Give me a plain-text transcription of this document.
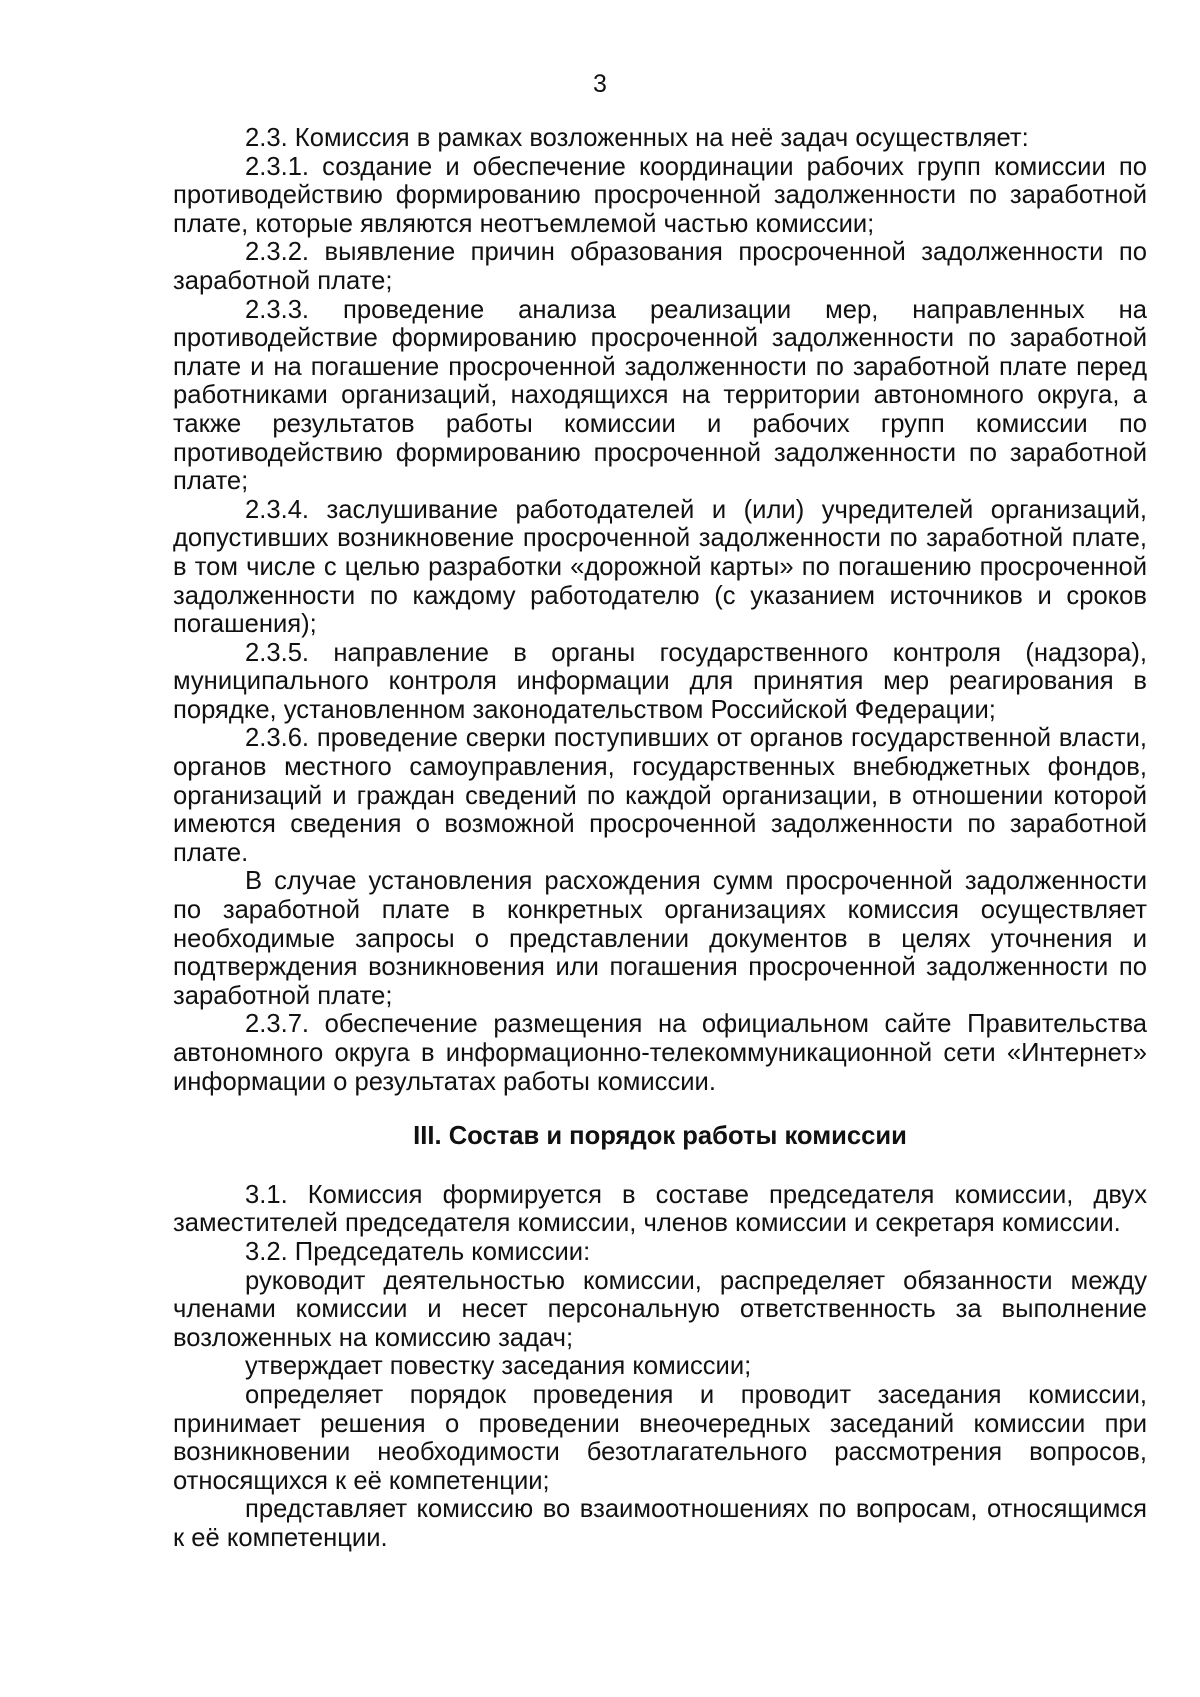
3

2.3. Комиссия в рамках возложенных на неё задач осуществляет:

2.3.1. создание и обеспечение координации рабочих групп комиссии по противодействию формированию просроченной задолженности по заработной плате, которые являются неотъемлемой частью комиссии;

2.3.2. выявление причин образования просроченной задолженности по заработной плате;

2.3.3. проведение анализа реализации мер, направленных на противодействие формированию просроченной задолженности по заработной плате и на погашение просроченной задолженности по заработной плате перед работниками организаций, находящихся на территории автономного округа, а также результатов работы комиссии и рабочих групп комиссии по противодействию формированию просроченной задолженности по заработной плате;

2.3.4. заслушивание работодателей и (или) учредителей организаций, допустивших возникновение просроченной задолженности по заработной плате, в том числе с целью разработки «дорожной карты» по погашению просроченной задолженности по каждому работодателю (с указанием источников и сроков погашения);

2.3.5. направление в органы государственного контроля (надзора), муниципального контроля информации для принятия мер реагирования в порядке, установленном законодательством Российской Федерации;

2.3.6. проведение сверки поступивших от органов государственной власти, органов местного самоуправления, государственных внебюджетных фондов, организаций и граждан сведений по каждой организации, в отношении которой имеются сведения о возможной просроченной задолженности по заработной плате.

В случае установления расхождения сумм просроченной задолженности по заработной плате в конкретных организациях комиссия осуществляет необходимые запросы о представлении документов в целях уточнения и подтверждения возникновения или погашения просроченной задолженности по заработной плате;

2.3.7. обеспечение размещения на официальном сайте Правительства автономного округа в информационно-телекоммуникационной сети «Интернет» информации о результатах работы комиссии.

III. Состав и порядок работы комиссии

3.1. Комиссия формируется в составе председателя комиссии, двух заместителей председателя комиссии, членов комиссии и секретаря комиссии.

3.2. Председатель комиссии:

руководит деятельностью комиссии, распределяет обязанности между членами комиссии и несет персональную ответственность за выполнение возложенных на комиссию задач;

утверждает повестку заседания комиссии;

определяет порядок проведения и проводит заседания комиссии, принимает решения о проведении внеочередных заседаний комиссии при возникновении необходимости безотлагательного рассмотрения вопросов, относящихся к её компетенции;

представляет комиссию во взаимоотношениях по вопросам, относящимся к её компетенции.
